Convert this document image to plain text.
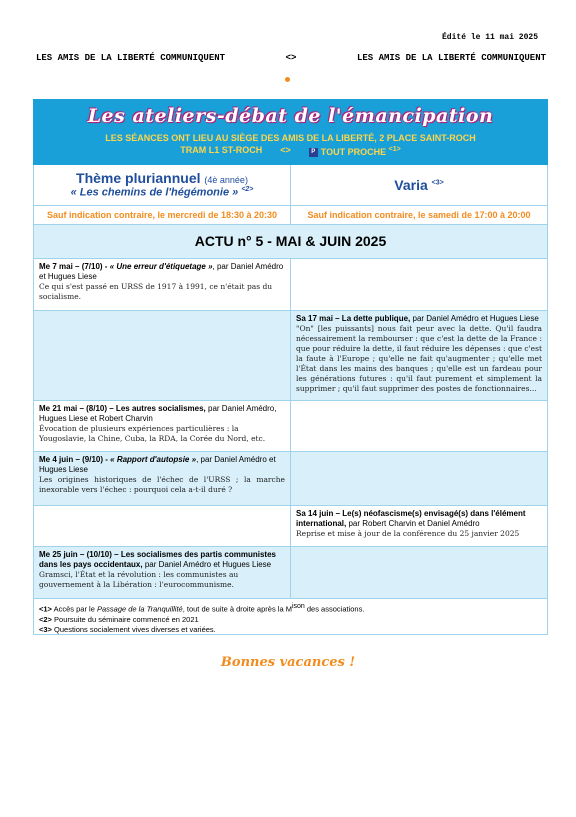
Édité le 11 mai 2025
LES AMIS DE LA LIBERTÉ COMMUNIQUENT	<>	LES AMIS DE LA LIBERTÉ COMMUNIQUENT
Les ateliers-débat de l'émancipation
LES SÉANCES ONT LIEU AU SIÈGE DES AMIS DE LA LIBERTÉ, 2 PLACE SAINT-ROCH
TRAM L1 ST-ROCH <>	P TOUT PROCHE $^{<1>}$
Thème pluriannuel (4è année)
« Les chemins de l'hégémonie » $^{<2>}$	Varia $^{<3>}$
Sauf indication contraire, le mercredi de 18:30 à 20:30	Sauf indication contraire, le samedi de 17:00 à 20:00
ACTU n° 5 - MAI & JUIN 2025
Me 7 mai – (7/10) - « Une erreur d'étiquetage », par Daniel Amédro et Hugues Liese
Ce qui s'est passé en URSS de 1917 à 1991, ce n'était pas du socialisme.	

	Sa 17 mai – La dette publique, par Daniel Amédro et Hugues Liese
"On" [les puissants] nous fait peur avec la dette. Qu'il faudra nécessairement la rembourser : que c'est la dette de la France : que pour réduire la dette, il faut réduire les dépenses : que c'est la faute à l'Europe ; qu'elle ne fait qu'augmenter ; qu'elle met l'État dans les mains des banques ; qu'elle est un fardeau pour les générations futures : qu'il faut purement et simplement la supprimer ; qu'il faut supprimer des postes de fonctionnaires…

Me 21 mai – (8/10) – Les autres socialismes, par Daniel Amédro, Hugues Liese et Robert Charvin
Évocation de plusieurs expériences particulières : la Yougoslavie, la Chine, Cuba, la RDA, la Corée du Nord, etc.	

Me 4 juin – (9/10) - « Rapport d'autopsie », par Daniel Amédro et Hugues Liese
Les origines historiques de l'échec de l'URSS ; la marche inexorable vers l'échec : pourquoi cela a-t-il duré ?	

	Sa 14 juin – Le(s) néofascisme(s) envisagé(s) dans l'élément international, par Robert Charvin et Daniel Amédro
Reprise et mise à jour de la conférence du 25 janvier 2025

Me 25 juin – (10/10) – Les socialismes des partis communistes dans les pays occidentaux, par Daniel Amédro et Hugues Liese
Gramsci, l'État et la révolution : les communistes au gouvernement à la Libération : l'eurocommunisme.	

<1> Accès par le Passage de la Tranquillité, tout de suite à droite après la $M^{ison}$ des associations.
<2> Poursuite du séminaire commencé en 2021
<3> Questions socialement vives diverses et variées.
Bonnes vacances !
